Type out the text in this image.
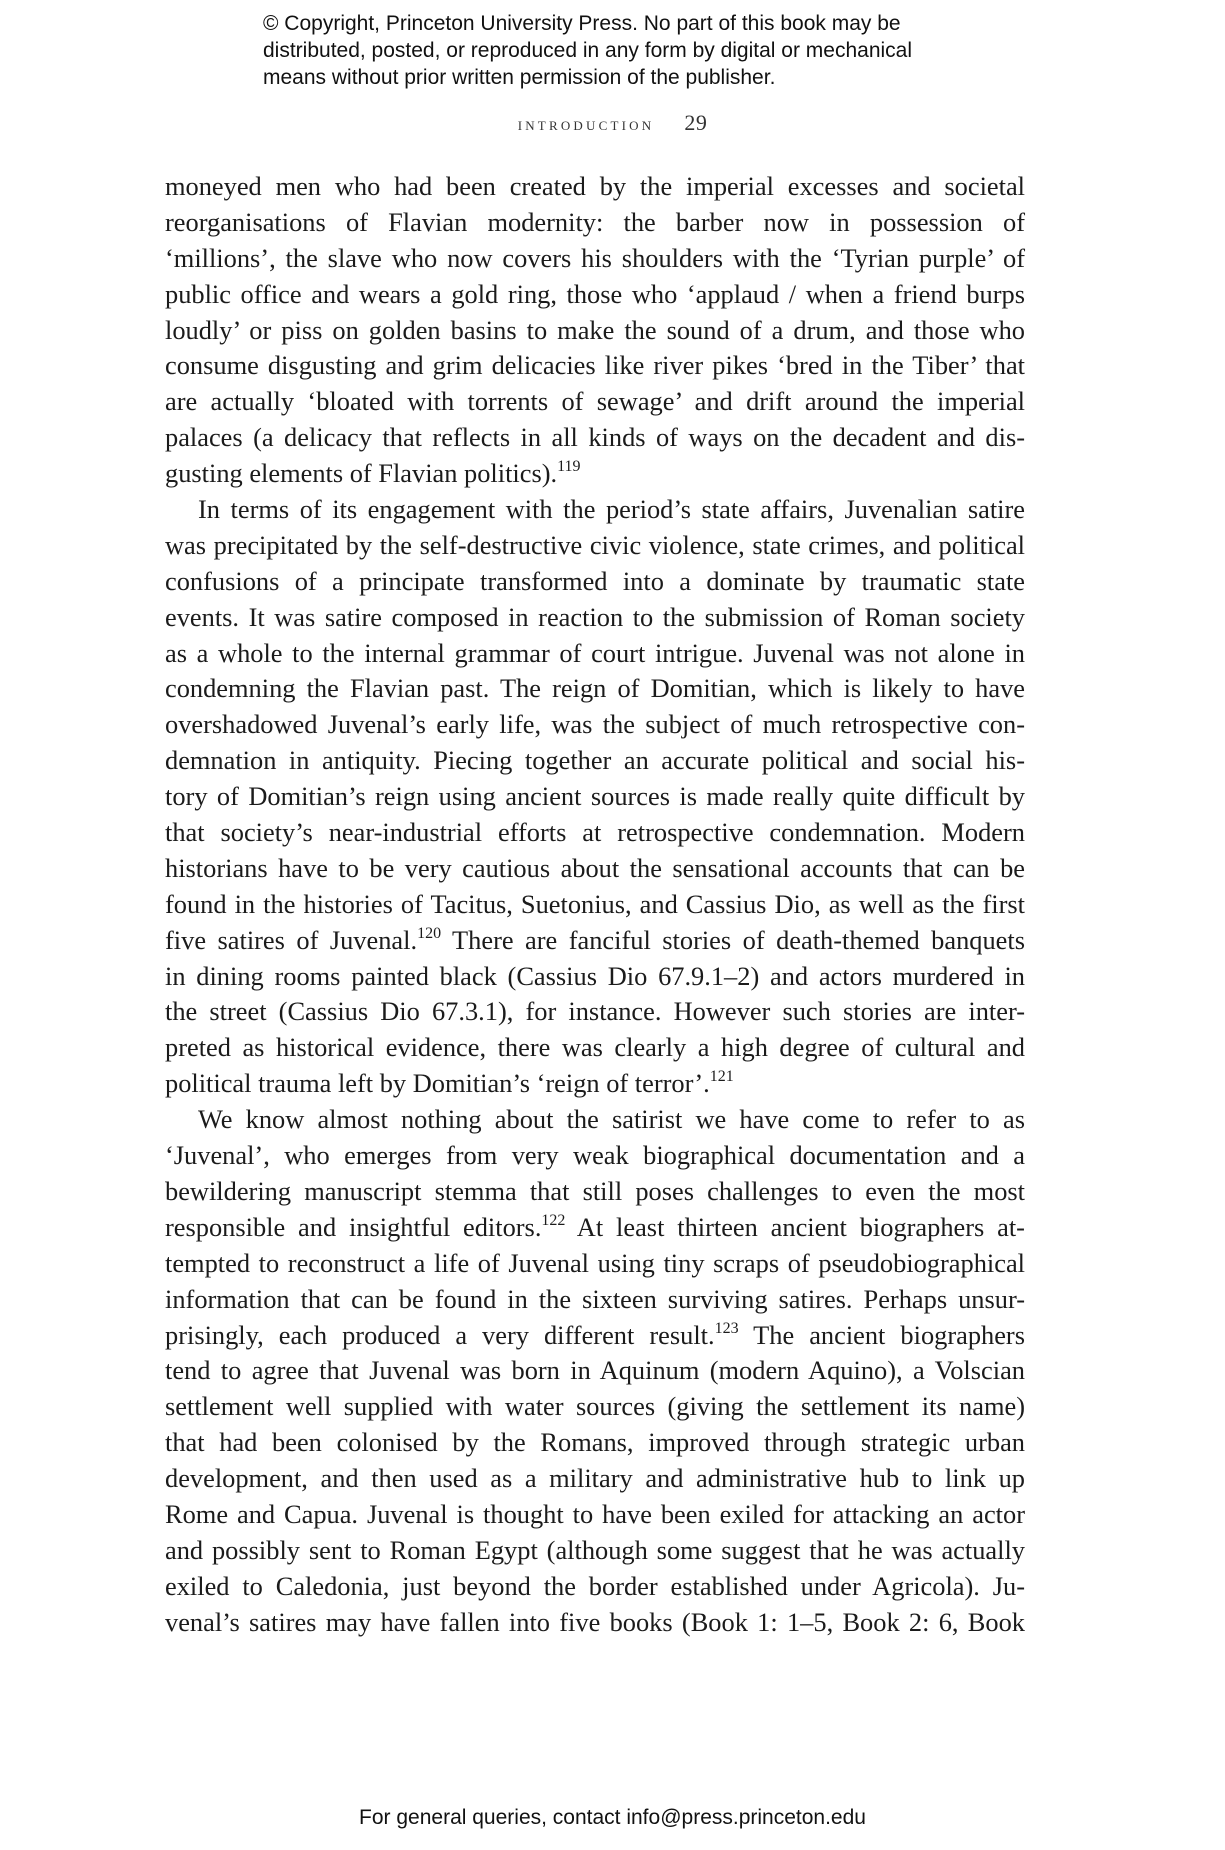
© Copyright, Princeton University Press. No part of this book may be
distributed, posted, or reproduced in any form by digital or mechanical
means without prior written permission of the publisher.
introduction 29
moneyed men who had been created by the imperial excesses and societal
reorganisations of Flavian modernity: the barber now in possession of
‘millions’, the slave who now covers his shoulders with the ‘Tyrian purple’ of
public office and wears a gold ring, those who ‘applaud / when a friend burps
loudly’ or piss on golden basins to make the sound of a drum, and those who
consume disgusting and grim delicacies like river pikes ‘bred in the Tiber’ that
are actually ‘bloated with torrents of sewage’ and drift around the imperial
palaces (a delicacy that reflects in all kinds of ways on the decadent and dis-
gusting elements of Flavian politics).$^{119}$
In terms of its engagement with the period’s state affairs, Juvenalian satire
was precipitated by the self-destructive civic violence, state crimes, and political
confusions of a principate transformed into a dominate by traumatic state
events. It was satire composed in reaction to the submission of Roman society
as a whole to the internal grammar of court intrigue. Juvenal was not alone in
condemning the Flavian past. The reign of Domitian, which is likely to have
overshadowed Juvenal’s early life, was the subject of much retrospective con-
demnation in antiquity. Piecing together an accurate political and social his-
tory of Domitian’s reign using ancient sources is made really quite difficult by
that society’s near-industrial efforts at retrospective condemnation. Modern
historians have to be very cautious about the sensational accounts that can be
found in the histories of Tacitus, Suetonius, and Cassius Dio, as well as the first
five satires of Juvenal.$^{120}$ There are fanciful stories of death-themed banquets
in dining rooms painted black (Cassius Dio 67.9.1–2) and actors murdered in
the street (Cassius Dio 67.3.1), for instance. However such stories are inter-
preted as historical evidence, there was clearly a high degree of cultural and
political trauma left by Domitian’s ‘reign of terror’.$^{121}$
We know almost nothing about the satirist we have come to refer to as
‘Juvenal’, who emerges from very weak biographical documentation and a
bewildering manuscript stemma that still poses challenges to even the most
responsible and insightful editors.$^{122}$ At least thirteen ancient biographers at-
tempted to reconstruct a life of Juvenal using tiny scraps of pseudobiographical
information that can be found in the sixteen surviving satires. Perhaps unsur-
prisingly, each produced a very different result.$^{123}$ The ancient biographers
tend to agree that Juvenal was born in Aquinum (modern Aquino), a Volscian
settlement well supplied with water sources (giving the settlement its name)
that had been colonised by the Romans, improved through strategic urban
development, and then used as a military and administrative hub to link up
Rome and Capua. Juvenal is thought to have been exiled for attacking an actor
and possibly sent to Roman Egypt (although some suggest that he was actually
exiled to Caledonia, just beyond the border established under Agricola). Ju-
venal’s satires may have fallen into five books (Book 1: 1–5, Book 2: 6, Book
For general queries, contact info@press.princeton.edu
